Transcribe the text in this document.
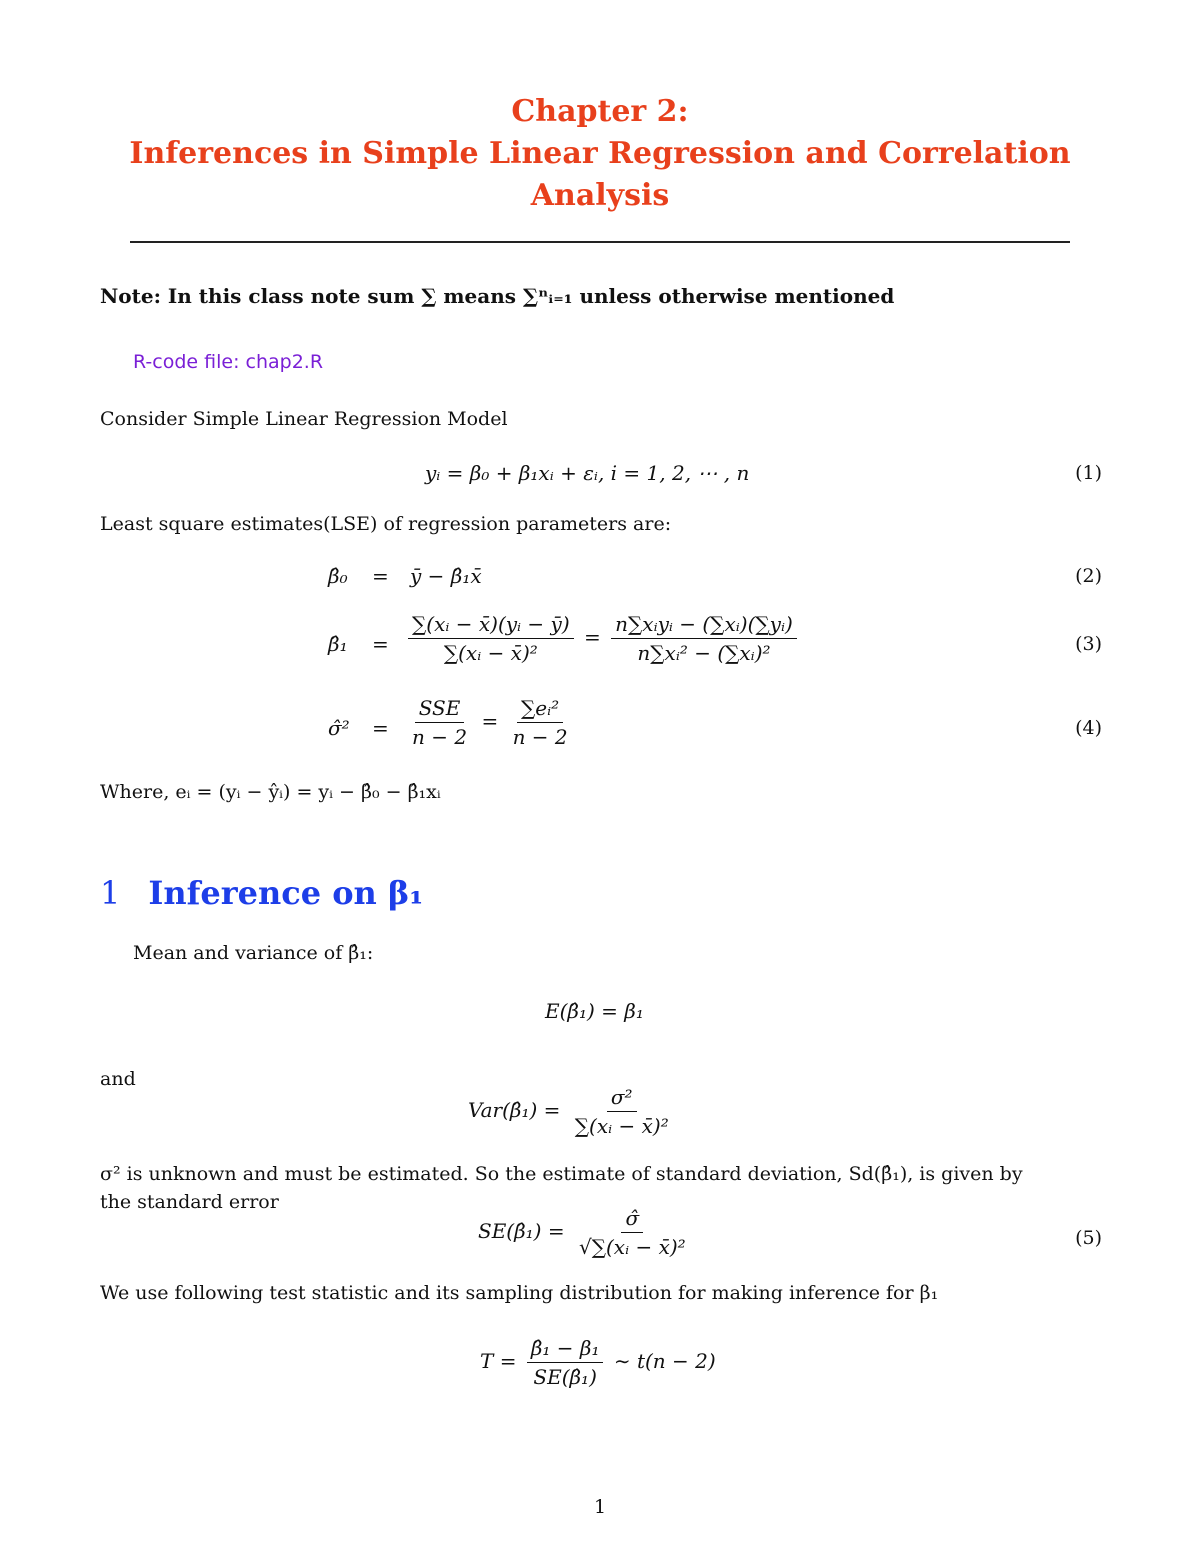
Chapter 2:
Inferences in Simple Linear Regression and Correlation
Analysis
Note: In this class note sum ∑ means ∑ⁿᵢ₌₁ unless otherwise mentioned
R-code file: chap2.R
Consider Simple Linear Regression Model
yᵢ = β₀ + β₁xᵢ + εᵢ, i = 1, 2, ⋯ , n	(1)
Least square estimates(LSE) of regression parameters are:
β̂₀ = ȳ − β̂₁x̄	(2)
β̂₁ = $\frac{\text{∑(xᵢ − x̄)(yᵢ − ȳ)}}{\text{∑(xᵢ − x̄)²}} = \frac{\text{n∑xᵢyᵢ − (∑xᵢ)(∑yᵢ)}}{\text{n∑xᵢ² − (∑xᵢ)²}}$	(3)
σ̂² = $\frac{\text{SSE}}{n - 2} = \frac{\text{∑eᵢ²}}{n - 2}$	(4)
Where, eᵢ = (yᵢ − ŷᵢ) = yᵢ − β̂₀ − β̂₁xᵢ
1 Inference on β₁
Mean and variance of β̂₁:
E(β̂₁) = β₁
and
Var(β̂₁) = $\frac{\text{σ²}}{\text{∑(xᵢ − x̄)²}}$
σ² is unknown and must be estimated. So the estimate of standard deviation, Sd(β̂₁), is given by
the standard error
SE(β̂₁) = $\frac{\sigmâ}{\text{√∑(xᵢ − x̄)²}}$	(5)
We use following test statistic and its sampling distribution for making inference for β₁
$T = \frac{\text{β̂₁ − β₁}}{\text{SE(β̂₁)}}$ ∼ t(n − 2)
1
